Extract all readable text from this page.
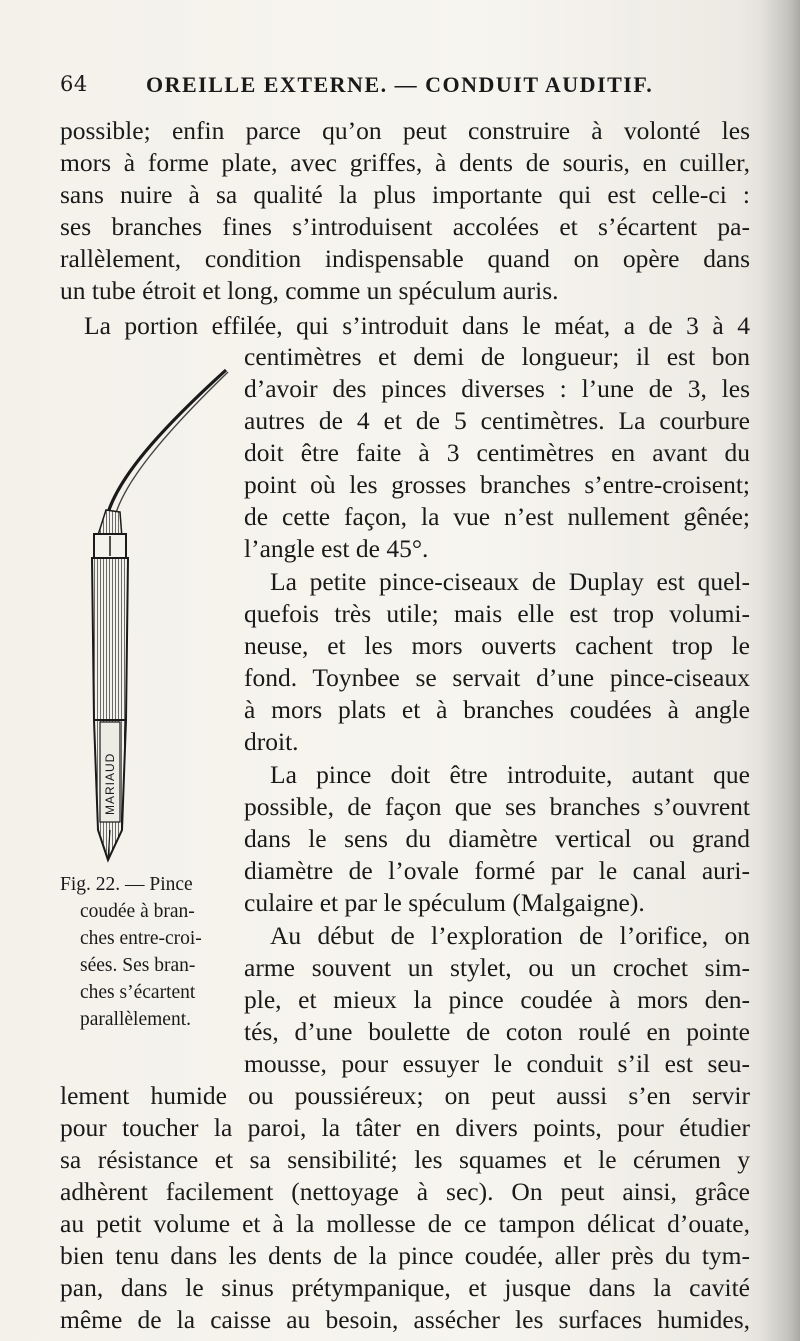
64	OREILLE EXTERNE. — CONDUIT AUDITIF.
possible; enfin parce qu’on peut construire à volonté les
mors à forme plate, avec griffes, à dents de souris, en cuiller,
sans nuire à sa qualité la plus importante qui est celle-ci :
ses branches fines s’introduisent accolées et s’écartent pa-
rallèlement, condition indispensable quand on opère dans
un tube étroit et long, comme un spéculum auris.
La portion effilée, qui s’introduit dans le méat, a de 3 à 4
centimètres et demi de longueur; il est bon
d’avoir des pinces diverses : l’une de 3, les
autres de 4 et de 5 centimètres. La courbure
doit être faite à 3 centimètres en avant du
point où les grosses branches s’entre-croisent;
de cette façon, la vue n’est nullement gênée;
l’angle est de 45°.
La petite pince-ciseaux de Duplay est quel-
quefois très utile; mais elle est trop volumi-
neuse, et les mors ouverts cachent trop le
fond. Toynbee se servait d’une pince-ciseaux
à mors plats et à branches coudées à angle
droit.
La pince doit être introduite, autant que
possible, de façon que ses branches s’ouvrent
dans le sens du diamètre vertical ou grand
diamètre de l’ovale formé par le canal auri-
culaire et par le spéculum (Malgaigne).
Au début de l’exploration de l’orifice, on
arme souvent un stylet, ou un crochet sim-
ple, et mieux la pince coudée à mors den-
tés, d’une boulette de coton roulé en pointe
mousse, pour essuyer le conduit s’il est seu-
lement humide ou poussiéreux; on peut aussi s’en servir
pour toucher la paroi, la tâter en divers points, pour étudier
sa résistance et sa sensibilité; les squames et le cérumen y
adhèrent facilement (nettoyage à sec). On peut ainsi, grâce
au petit volume et à la mollesse de ce tampon délicat d’ouate,
bien tenu dans les dents de la pince coudée, aller près du tym-
pan, dans le sinus prétympanique, et jusque dans la cavité
même de la caisse au besoin, assécher les surfaces humides,
MARIAUD
Fig. 22. — Pince
coudée à bran-
ches entre-croi-
sées. Ses bran-
ches s’écartent
parallèlement.
